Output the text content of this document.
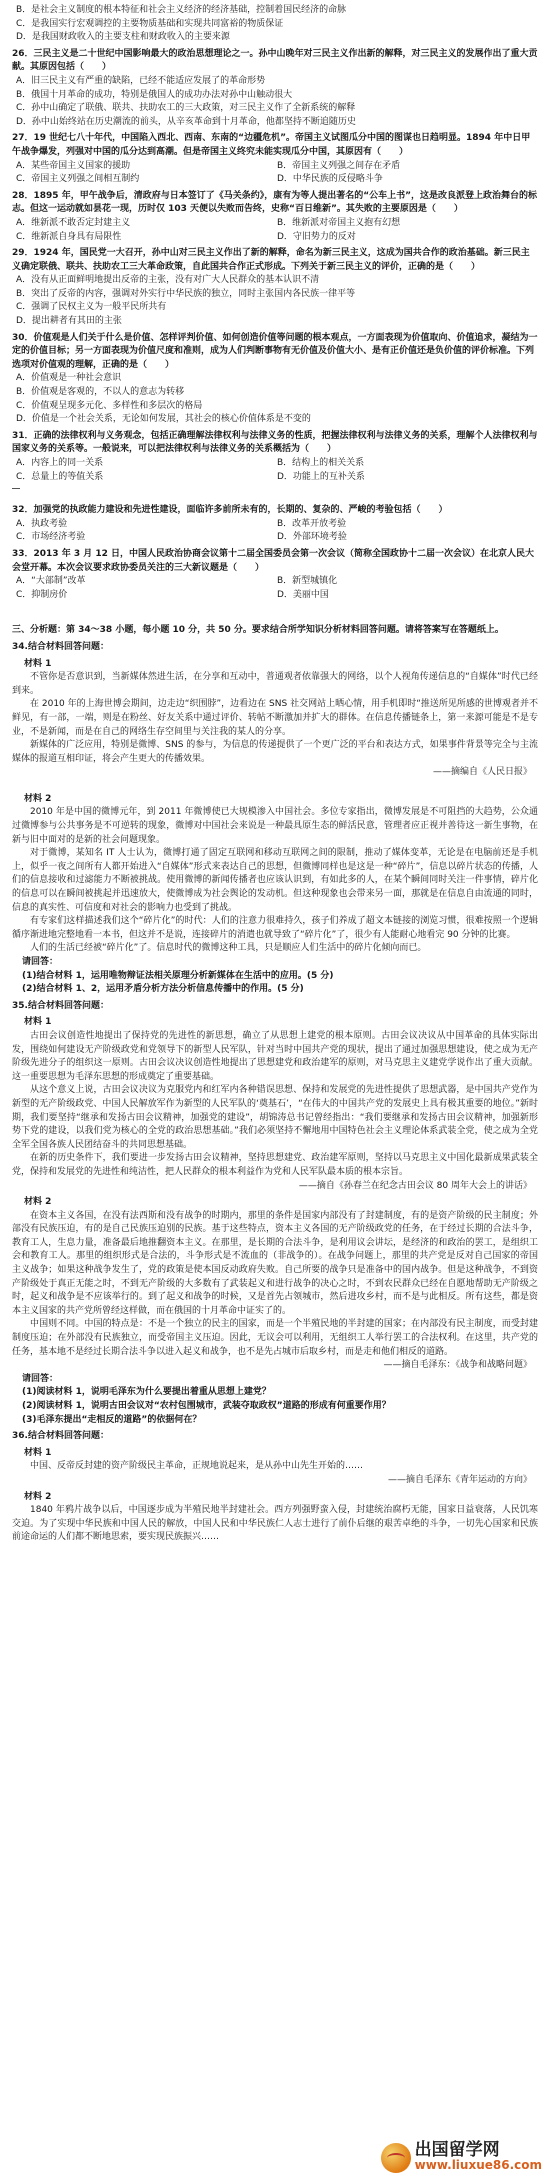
B．是社会主义制度的根本特征和社会主义经济的经济基础，控制着国民经济的命脉
C．是我国实行宏观调控的主要物质基础和实现共同富裕的物质保证
D．是我国财政收入的主要支柱和财政收入的主要来源
26．三民主义是二十世纪中国影响最大的政治思想理论之一。孙中山晚年对三民主义作出新的解释，对三民主义的发展作出了重大贡献。其原因包括（　　）
A．旧三民主义有严重的缺陷，已经不能适应发展了的革命形势
B．俄国十月革命的成功，特别是俄国人的成功办法对孙中山触动很大
C．孙中山确定了联俄、联共、扶助农工的三大政策，对三民主义作了全新系统的解释
D．孙中山始终站在历史潮流的前头，从辛亥革命到十月革命，他都坚持不断追随历史
27．19 世纪七八十年代，中国陷入西北、西南、东南的“边疆危机”。帝国主义试图瓜分中国的图谋也日趋明显。1894 年中日甲午战争爆发，列强对中国的瓜分达到高潮。但是帝国主义终究未能实现瓜分中国，其原因有（　　）
A．某些帝国主义国家的援助	B．帝国主义列强之间存在矛盾
C．帝国主义列强之间相互制约	D．中华民族的反侵略斗争
28．1895 年，甲午战争后，清政府与日本签订了《马关条约》，康有为等人提出著名的“公车上书”，这是改良派登上政治舞台的标志。但这一运动就如昙花一现，历时仅 103 天便以失败而告终，史称“百日维新”。其失败的主要原因是（　　）
A．维新派不敢否定封建主义	B．维新派对帝国主义抱有幻想
C．维新派自身具有局限性	D．守旧势力的反对
29．1924 年，国民党一大召开，孙中山对三民主义作出了新的解释，命名为新三民主义，这成为国共合作的政治基础。新三民主义确定联俄、联共、扶助农工三大革命政策，自此国共合作正式形成。下列关于新三民主义的评价，正确的是（　　）
A．没有从正面鲜明地提出反帝的主张，没有对广大人民群众的基本认识不清
B．突出了反帝的内容，强调对外实行中华民族的独立，同时主张国内各民族一律平等
C．强调了民权主义为一般平民所共有
D．提出耕者有其田的主张
30．价值观是人们关于什么是价值、怎样评判价值、如何创造价值等问题的根本观点，一方面表现为价值取向、价值追求，凝结为一定的价值目标；另一方面表现为价值尺度和准则，成为人们判断事物有无价值及价值大小、是有正价值还是负价值的评价标准。下列选项对价值观的理解，正确的是（　　）
A．价值观是一种社会意识
B．价值观是客观的，不以人的意志为转移
C．价值观呈现多元化、多样性和多层次的格局
D．价值是一个社会关系，无论如何发展，其社会的核心价值体系是不变的
31．正确的法律权利与义务观念，包括正确理解法律权利与法律义务的性质，把握法律权利与法律义务的关系，理解个人法律权利与国家义务的关系等。一般说来，可以把法律权利与法律义务的关系概括为（　　）
A．内容上的同一关系	B．结构上的相关关系
C．总量上的等值关系	D．功能上的互补关系
32．加强党的执政能力建设和先进性建设，面临许多前所未有的，长期的、复杂的、严峻的考验包括（　　）
A．执政考验	B．改革开放考验
C．市场经济考验	D．外部环境考验
33．2013 年 3 月 12 日，中国人民政治协商会议第十二届全国委员会第一次会议（简称全国政协十二届一次会议）在北京人民大会堂开幕。本次会议要求政协委员关注的三大新议题是（　　）
A．“大部制”改革	B．新型城镇化
C．抑制房价	D．美丽中国
三、分析题：第 34～38 小题，每小题 10 分，共 50 分。要求结合所学知识分析材料回答问题。请将答案写在答题纸上。
34.结合材料回答问题：
材料 1
不管你是否意识到，当新媒体然进生活，在分享和互动中，普通观者依靠强大的网络，以个人视角传递信息的“自媒体”时代已经到来。
在 2010 年的上海世博会期间，边走边“织围脖”，边看边在 SNS 社交网站上晒心情，用手机即时“推送所见所感的世博观者并不鲜见，有一部，一端，则是在粉丝、好友关系中通过评价、转帖不断激加并扩大的群体。在信息传播链条上，第一来源可能是不是专业，不是新闻，而是在自己的网络生存空间里与关注我的某人的分享。
新媒体的广泛应用，特别是微博、SNS 的参与，为信息的传递提供了一个更广泛的平台和表达方式，如果事件背景等完全与主流媒体的报道互相印证，将会产生更大的传播效果。
——摘编自《人民日报》
材料 2
2010 年是中国的微博元年，到 2011 年微博使已大规模渗入中国社会。多位专家指出，微博发展是不可阻挡的大趋势，公众通过微博参与公共事务是不可逆转的现象，微博对中国社会来说是一种最具原生态的鲜活民意，管理者应正视并善待这一新生事物，在新与旧中面对的是新的社会问题现象。
对于微博，某知名 IT 人士认为，微博打通了固定互联网和移动互联网之间的限制，推动了媒体变革，无论是在电脑前还是手机上，似乎一夜之间所有人都开始进入“自媒体”形式来表达自己的思想，但微博同样也是这是一种“碎片”，信息以碎片状态的传播，人们的信息接收和过滤能力不断被挑战。使用微博的新闻传播者也应该认识到，有如此多的人，在某个瞬间同时关注一件事情，碎片化的信息可以在瞬间被挑起并迅速放大，使微博成为社会舆论的发动机。但这种现象也会带来另一面，那就是在信息自由流通的同时，信息的真实性、可信度和对社会的影响力也受到了挑战。
有专家们这样描述我们这个“碎片化”的时代：人们的注意力很难持久，孩子们养成了超文本链接的浏览习惯，很难按照一个逻辑循序渐进地完整地看一本书，但这并不是说，连接碎片的消遣也就导致了“碎片化”了，很少有人能耐心地看完 90 分钟的比赛。
人们的生活已经被“碎片化”了。信息时代的微博这种工具，只是顺应人们生活中的碎片化倾向而已。
请回答：
(1)结合材料 1，运用唯物辩证法相关原理分析新媒体在生活中的应用。(5 分)
(2)结合材料 1、2，运用矛盾分析方法分析信息传播中的作用。(5 分)
35.结合材料回答问题：
材料 1
古田会议创造性地提出了保持党的先进性的新思想，确立了从思想上建党的根本原则。古田会议决议从中国革命的具体实际出发，围绕如何建设无产阶级政党和党领导下的新型人民军队，针对当时中国共产党的现状，提出了通过加强思想建设，使之成为无产阶级先进分子的组织这一原则。古田会议决议创造性地提出了思想建党和政治建军的原则，对马克思主义建党学说作出了重大贡献。这一重要思想为毛泽东思想的形成奠定了重要基础。
从这个意义上说，古田会议决议为克服党内和红军内各种错误思想、保持和发展党的先进性提供了思想武器，是中国共产党作为新型的无产阶级政党、中国人民解放军作为新型的人民军队的‘奠基石’，“在伟大的中国共产党的发展史上具有极其重要的地位。”新时期，我们要坚持“继承和发扬古田会议精神，加强党的建设”，胡锦涛总书记曾经指出：“我们要继承和发扬古田会议精神，加强新形势下党的建设，以我们党为核心的全党的政治思想基础。”我们必须坚持不懈地用中国特色社会主义理论体系武装全党，使之成为全党全军全国各族人民团结奋斗的共同思想基础。
在新的历史条件下，我们要进一步发扬古田会议精神，坚持思想建党、政治建军原则，坚持以马克思主义中国化最新成果武装全党，保持和发展党的先进性和纯洁性，把人民群众的根本利益作为党和人民军队最本质的根本宗旨。
——摘自《孙春兰在纪念古田会议 80 周年大会上的讲话》
材料 2
在资本主义各国，在没有法西斯和没有战争的时期内，那里的条件是国家内部没有了封建制度，有的是资产阶级的民主制度；外部没有民族压迫，有的是自己民族压迫别的民族。基于这些特点，资本主义各国的无产阶级政党的任务，在于经过长期的合法斗争，教育工人，生息力量，准备最后地推翻资本主义。在那里，是长期的合法斗争，是利用议会讲坛，是经济的和政治的罢工，是组织工会和教育工人。那里的组织形式是合法的，斗争形式是不流血的（非战争的）。在战争问题上，那里的共产党是反对自己国家的帝国主义战争；如果这种战争发生了，党的政策是使本国反动政府失败。自己所要的战争只是准备中的国内战争。但是这种战争，不到资产阶级处于真正无能之时，不到无产阶级的大多数有了武装起义和进行战争的决心之时，不到农民群众已经在自愿地帮助无产阶级之时，起义和战争是不应该举行的。到了起义和战争的时候，又是首先占领城市，然后进攻乡村，而不是与此相反。所有这些，都是资本主义国家的共产党所曾经这样做，而在俄国的十月革命中证实了的。
中国则不同。中国的特点是：不是一个独立的民主的国家，而是一个半殖民地的半封建的国家；在内部没有民主制度，而受封建制度压迫；在外部没有民族独立，而受帝国主义压迫。因此，无议会可以利用，无组织工人举行罢工的合法权利。在这里，共产党的任务，基本地不是经过长期合法斗争以进入起义和战争，也不是先占城市后取乡村，而是走和他们相反的道路。
——摘自毛泽东：《战争和战略问题》
请回答：
(1)阅读材料 1，说明毛泽东为什么要提出着重从思想上建党？
(2)阅读材料 1，说明古田会议对“农村包围城市，武装夺取政权”道路的形成有何重要作用？
(3)毛泽东提出“走相反的道路”的依据何在？
36.结合材料回答问题：
材料 1
中国、反帝反封建的资产阶级民主革命，正规地说起来，是从孙中山先生开始的……
——摘自毛泽东《青年运动的方向》
材料 2
1840 年鸦片战争以后，中国逐步成为半殖民地半封建社会。西方列强野蛮入侵，封建统治腐朽无能，国家日益衰落，人民饥寒交迫。为了实现中华民族和中国人民的解放，中国人民和中华民族仁人志士进行了前仆后继的艰苦卓绝的斗争，一切先心国家和民族前途命运的人们都不断地思索，要实现民族振兴……
出国留学网
www.liuxue86.com
